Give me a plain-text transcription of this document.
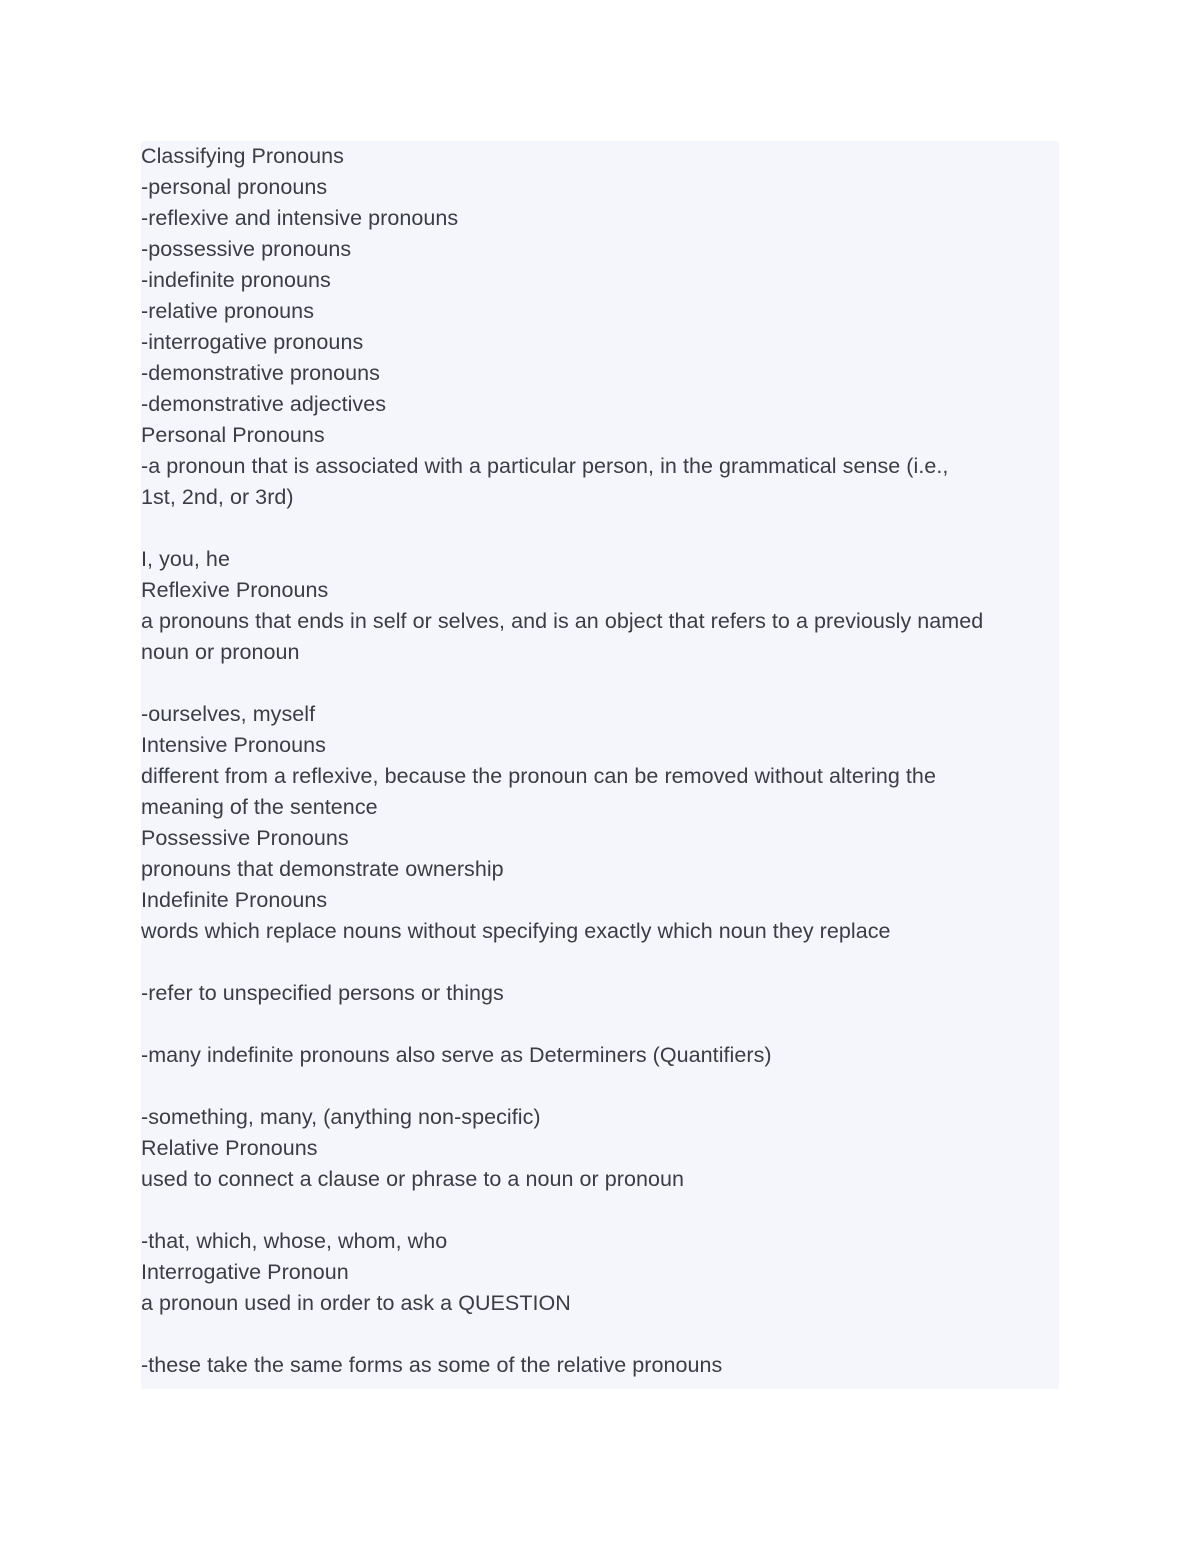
Classifying Pronouns
-personal pronouns
-reflexive and intensive pronouns
-possessive pronouns
-indefinite pronouns
-relative pronouns
-interrogative pronouns
-demonstrative pronouns
-demonstrative adjectives
Personal Pronouns
-a pronoun that is associated with a particular person, in the grammatical sense (i.e.,
1st, 2nd, or 3rd)
I, you, he
Reflexive Pronouns
a pronouns that ends in self or selves, and is an object that refers to a previously named
noun or pronoun
-ourselves, myself
Intensive Pronouns
different from a reflexive, because the pronoun can be removed without altering the
meaning of the sentence
Possessive Pronouns
pronouns that demonstrate ownership
Indefinite Pronouns
words which replace nouns without specifying exactly which noun they replace
-refer to unspecified persons or things
-many indefinite pronouns also serve as Determiners (Quantifiers)
-something, many, (anything non-specific)
Relative Pronouns
used to connect a clause or phrase to a noun or pronoun
-that, which, whose, whom, who
Interrogative Pronoun
a pronoun used in order to ask a QUESTION
-these take the same forms as some of the relative pronouns
